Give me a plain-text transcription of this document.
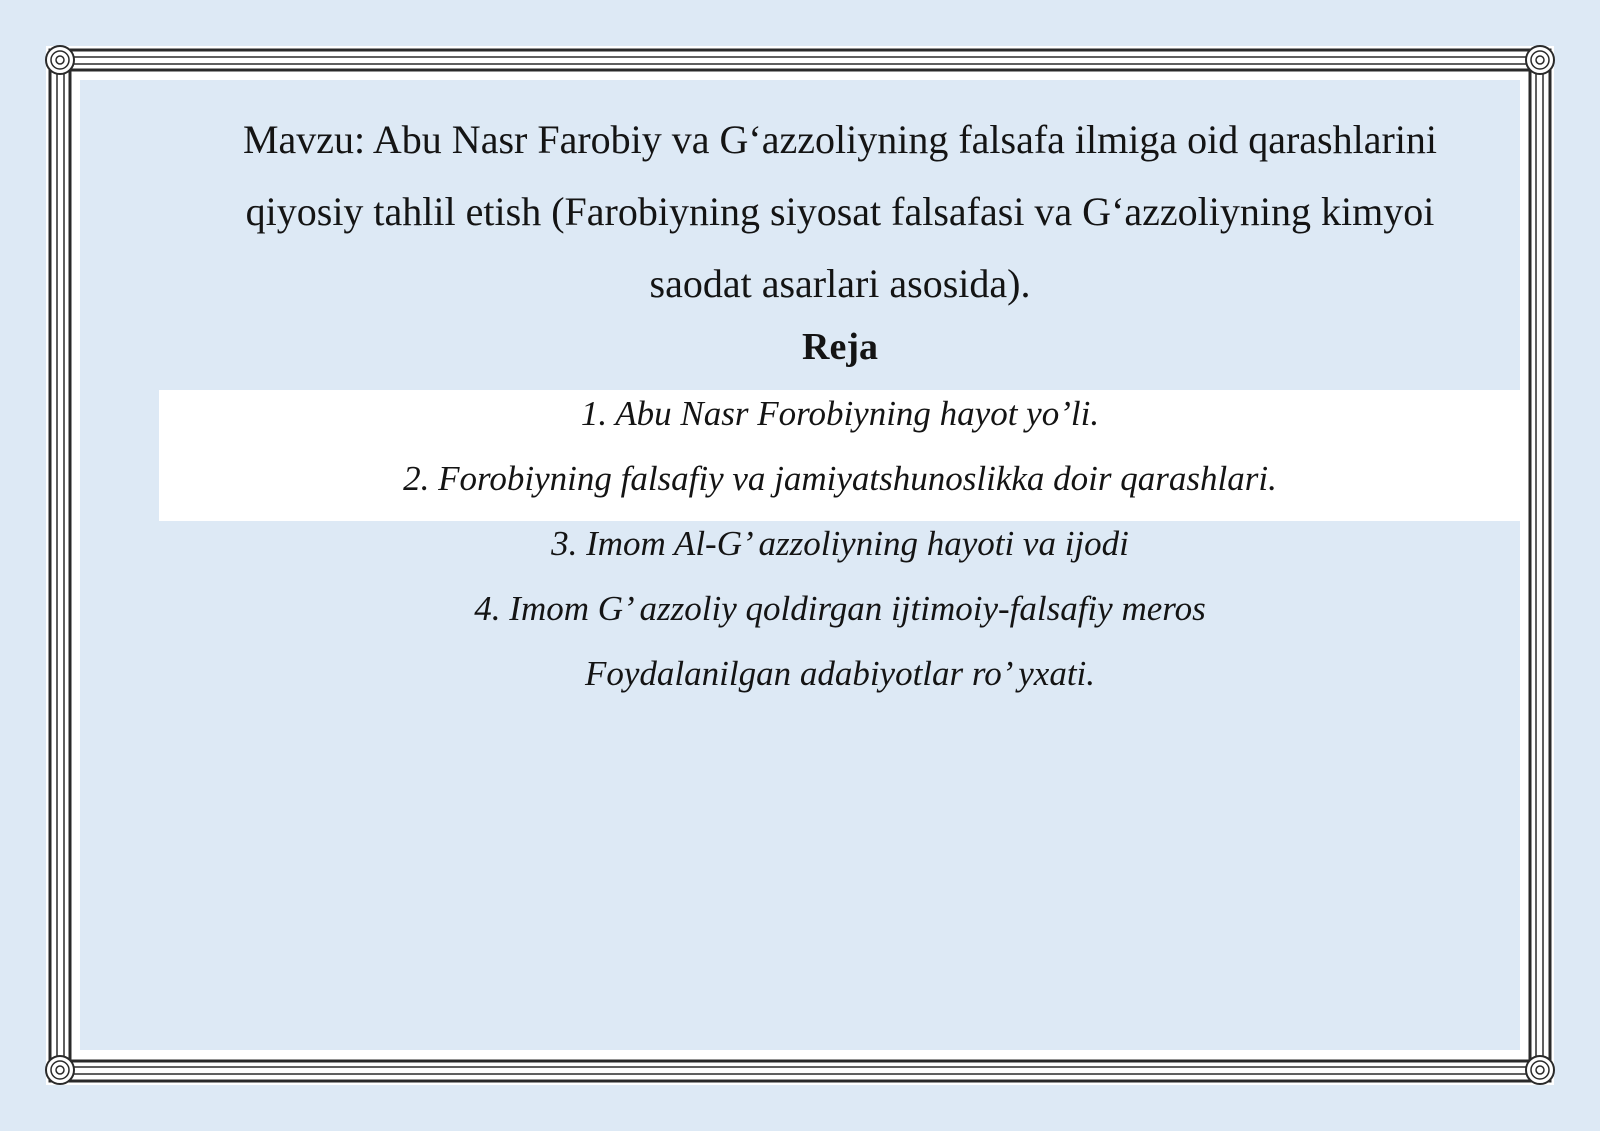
Mavzu: Abu Nasr Farobiy va G‘azzoliyning falsafa ilmiga oid qarashlarini
qiyosiy tahlil etish (Farobiyning siyosat falsafasi va G‘azzoliyning kimyoi
saodat asarlari asosida).
Reja
1. Abu Nasr Forobiyning hayot yo’li.
2. Forobiyning falsafiy va jamiyatshunoslikka doir qarashlari.
3. Imom Al-G’ azzoliyning hayoti va ijodi
4. Imom G’ azzoliy qoldirgan ijtimoiy-falsafiy meros
Foydalanilgan adabiyotlar ro’ yxati.
